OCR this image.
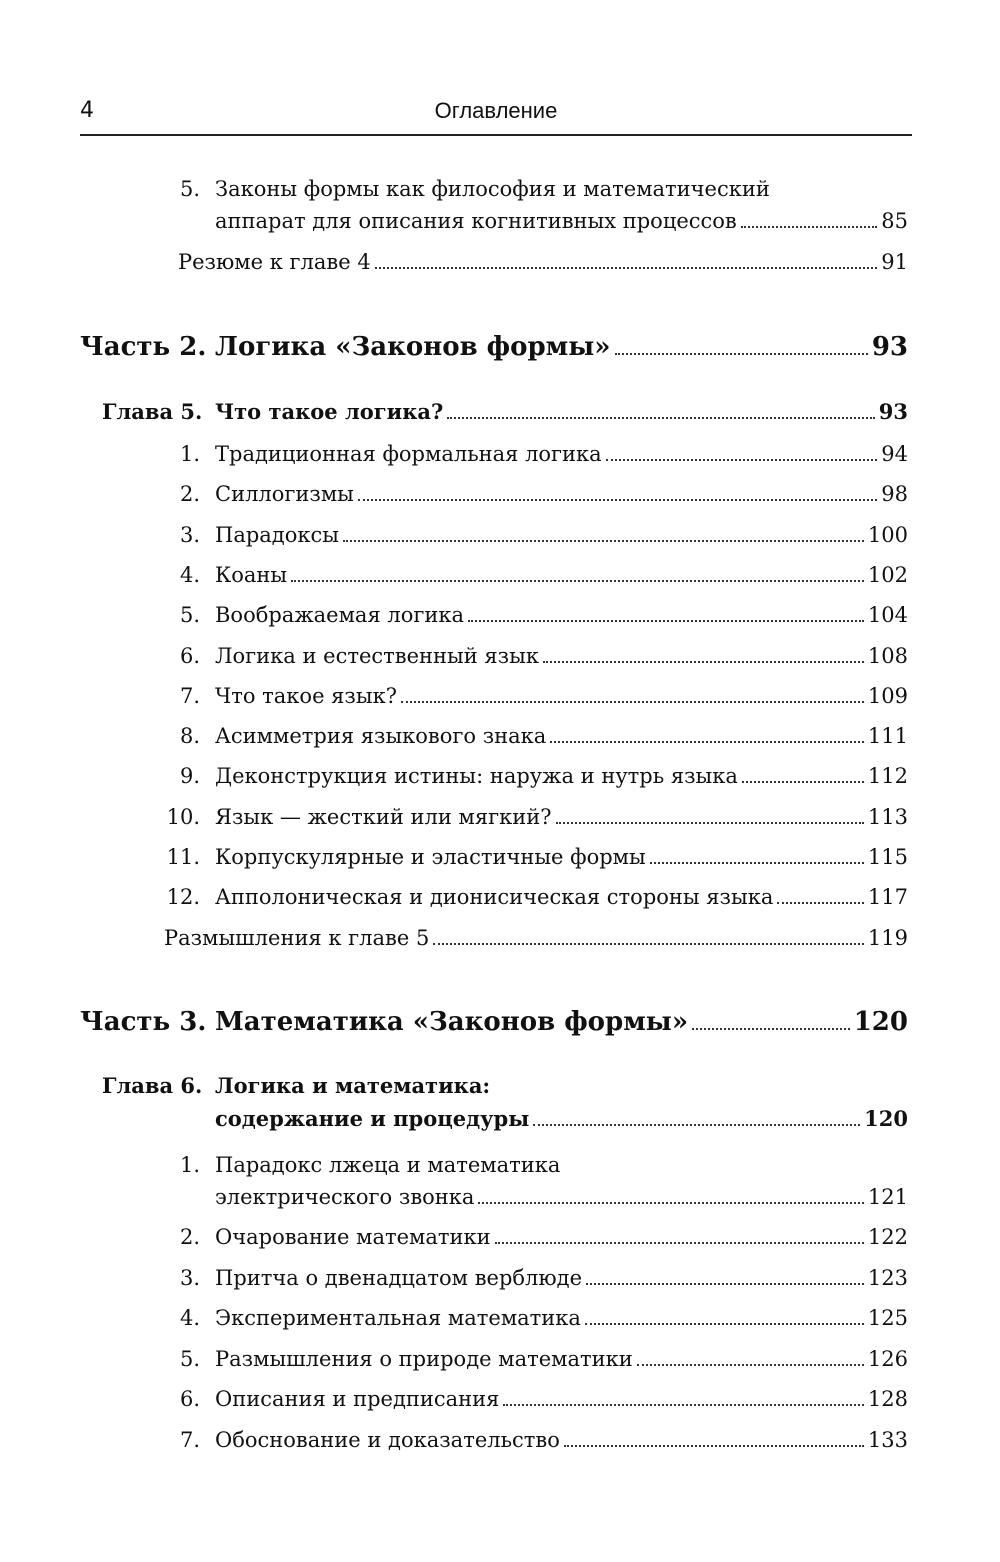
4	Оглавление
5. Законы формы как философия и математический
аппарат для описания когнитивных процессов	85
Резюме к главе 4	91
Часть 2. Логика «Законов формы»	93
Глава 5. Что такое логика?	93
1. Традиционная формальная логика	94
2. Силлогизмы	98
3. Парадоксы	100
4. Коаны	102
5. Воображаемая логика	104
6. Логика и естественный язык	108
7. Что такое язык?	109
8. Асимметрия языкового знака	111
9. Деконструкция истины: наружа и нутрь языка	112
10. Язык — жесткий или мягкий?	113
11. Корпускулярные и эластичные формы	115
12. Апполоническая и дионисическая стороны языка	117
Размышления к главе 5	119
Часть 3. Математика «Законов формы»	120
Глава 6. Логика и математика:
содержание и процедуры	120
1. Парадокс лжеца и математика
электрического звонка	121
2. Очарование математики	122
3. Притча о двенадцатом верблюде	123
4. Экспериментальная математика	125
5. Размышления о природе математики	126
6. Описания и предписания	128
7. Обоснование и доказательство	133
